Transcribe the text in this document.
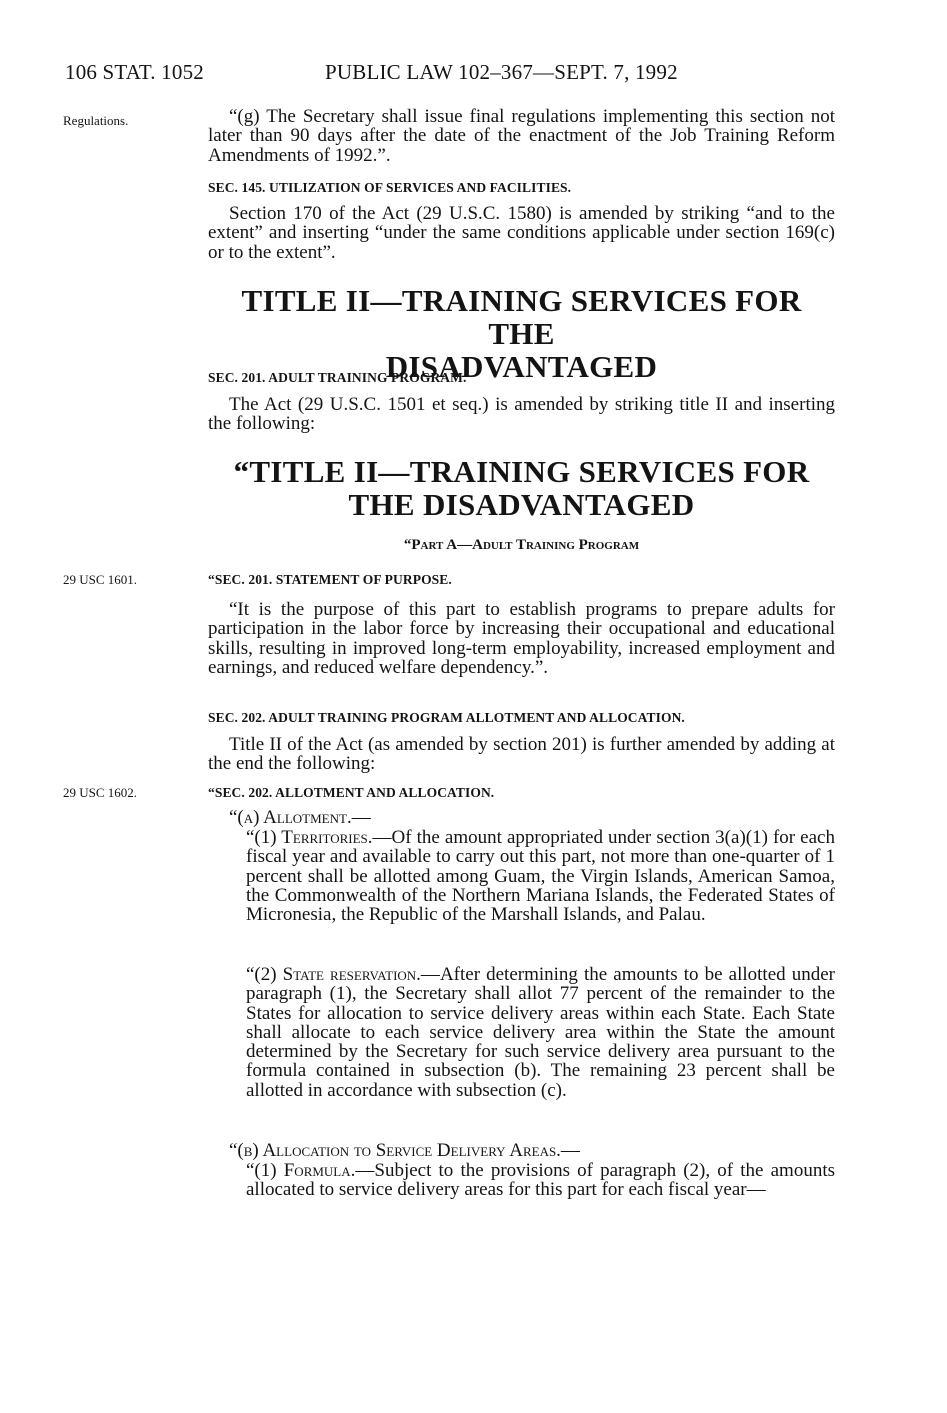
106 STAT. 1052	PUBLIC LAW 102–367—SEPT. 7, 1992
Regulations.
29 USC 1601.
29 USC 1602.

“(g) The Secretary shall issue final regulations implementing this section not later than 90 days after the date of the enactment of the Job Training Reform Amendments of 1992.”.

SEC. 145. UTILIZATION OF SERVICES AND FACILITIES.

Section 170 of the Act (29 U.S.C. 1580) is amended by striking “and to the extent” and inserting “under the same conditions applicable under section 169(c) or to the extent”.

TITLE II—TRAINING SERVICES FOR THE

DISADVANTAGED

SEC. 201. ADULT TRAINING PROGRAM.

The Act (29 U.S.C. 1501 et seq.) is amended by striking title II and inserting the following:

“TITLE II—TRAINING SERVICES FOR

THE DISADVANTAGED

“Part A—Adult Training Program

“SEC. 201. STATEMENT OF PURPOSE.

“It is the purpose of this part to establish programs to prepare adults for participation in the labor force by increasing their occupational and educational skills, resulting in improved long-term employability, increased employment and earnings, and reduced welfare dependency.”.

SEC. 202. ADULT TRAINING PROGRAM ALLOTMENT AND ALLOCATION.

Title II of the Act (as amended by section 201) is further amended by adding at the end the following:

“SEC. 202. ALLOTMENT AND ALLOCATION.

“(a) Allotment.—

“(1) Territories.—Of the amount appropriated under section 3(a)(1) for each fiscal year and available to carry out this part, not more than one-quarter of 1 percent shall be allotted among Guam, the Virgin Islands, American Samoa, the Commonwealth of the Northern Mariana Islands, the Federated States of Micronesia, the Republic of the Marshall Islands, and Palau.

“(2) State reservation.—After determining the amounts to be allotted under paragraph (1), the Secretary shall allot 77 percent of the remainder to the States for allocation to service delivery areas within each State. Each State shall allocate to each service delivery area within the State the amount determined by the Secretary for such service delivery area pursuant to the formula contained in subsection (b). The remaining 23 percent shall be allotted in accordance with subsection (c).

“(b) Allocation to Service Delivery Areas.—

“(1) Formula.—Subject to the provisions of paragraph (2), of the amounts allocated to service delivery areas for this part for each fiscal year—
